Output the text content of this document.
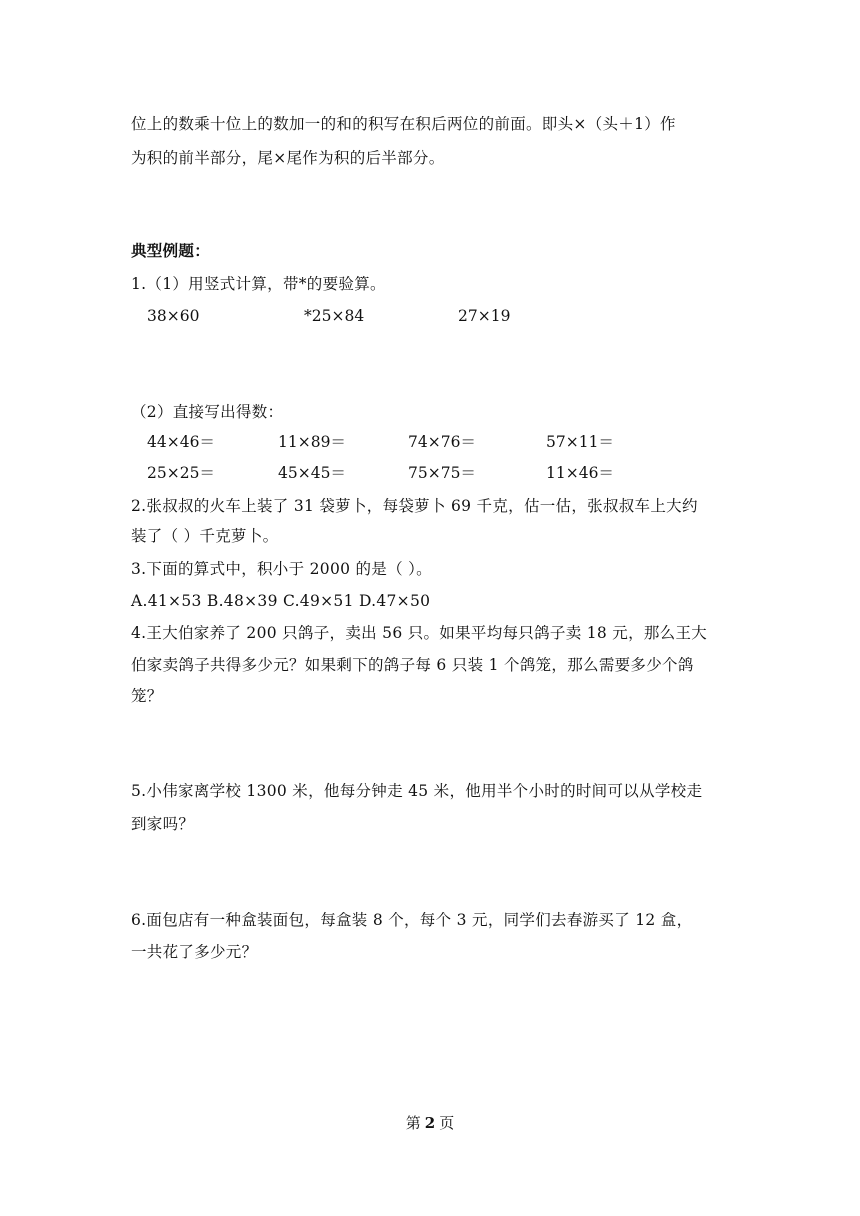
位上的数乘十位上的数加一的和的积写在积后两位的前面。即头×（头＋1）作
为积的前半部分，尾×尾作为积的后半部分。
典型例题：
1.（1）用竖式计算，带*的要验算。
38×60	*25×84	27×19
（2）直接写出得数：
44×46＝	11×89＝	74×76＝	57×11＝
25×25＝	45×45＝	75×75＝	11×46＝
2.张叔叔的火车上装了 31 袋萝卜，每袋萝卜 69 千克，估一估，张叔叔车上大约
装了（ ）千克萝卜。
3.下面的算式中，积小于 2000 的是（ ）。
A.41×53 B.48×39 C.49×51 D.47×50
4.王大伯家养了 200 只鸽子，卖出 56 只。如果平均每只鸽子卖 18 元，那么王大
伯家卖鸽子共得多少元？如果剩下的鸽子每 6 只装 1 个鸽笼，那么需要多少个鸽
笼？
5.小伟家离学校 1300 米，他每分钟走 45 米，他用半个小时的时间可以从学校走
到家吗？
6.面包店有一种盒装面包，每盒装 8 个，每个 3 元，同学们去春游买了 12 盒，
一共花了多少元？
第 2 页
